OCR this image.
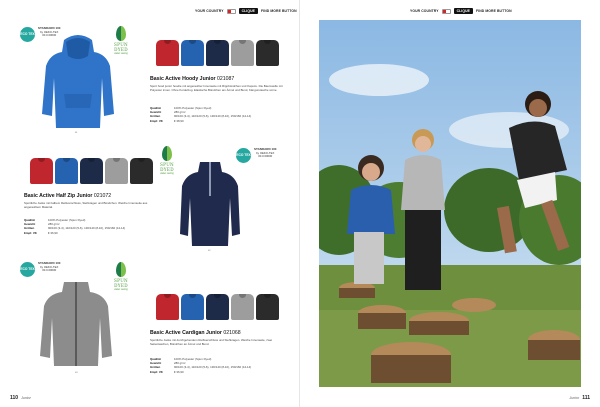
YOUR COUNTRY	CLIQUE	FIND MORE BUTTON
ECO TEX
STANDARD 100
by OEKO-TEX
00.0.00000
01
SPUN DYED
water saving
Basic Active Hoody Junior 021087
Sport hood junior hoodie mit angerauhter Innenseite mit Rippbündchen und Kapuze. Die Baumwolle mit Polyester innen. Ohne Kordelzug. Elastische Bündchen am Ärmel und Bund, Kängurutasche vorne.
Qualität	100% Polyester (Spun Dyed)
Gewicht	280 g/m²
Größen	90/100 (3-4), 110/120 (5-6), 130/140 (8-10), 150/160 (12-14)
Empf. VK	€ 38,90
SPUN DYED
water saving
ECO TEX
STANDARD 100
by OEKO-TEX
00.0.00000
02
Basic Active Half Zip Junior 021072
Sportliche Jacke mit halbem Reißverschluss, Stehkragen und Bündchen. Weiche Innenseite aus angerauhtem Material.
Qualität	100% Polyester (Spun Dyed)
Gewicht	280 g/m²
Größen	90/100 (3-4), 110/120 (5-6), 130/140 (8-10), 150/160 (12-14)
Empf. VK	€ 36,90
ECO TEX
STANDARD 100
by OEKO-TEX
00.0.00000
SPUN DYED
water saving
03
Basic Active Cardigan Junior 021068
Sportliche Jacke mit durchgehendem Reißverschluss und Stehkragen. Weiche Innenseite, zwei Seitentaschen, Bündchen an Ärmel und Bund.
Qualität	100% Polyester (Spun Dyed)
Gewicht	280 g/m²
Größen	90/100 (3-4), 110/120 (5-6), 130/140 (8-10), 150/160 (12-14)
Empf. VK	€ 36,90
110 Junior
YOUR COUNTRY	CLIQUE	FIND MORE BUTTON
Junior 111
